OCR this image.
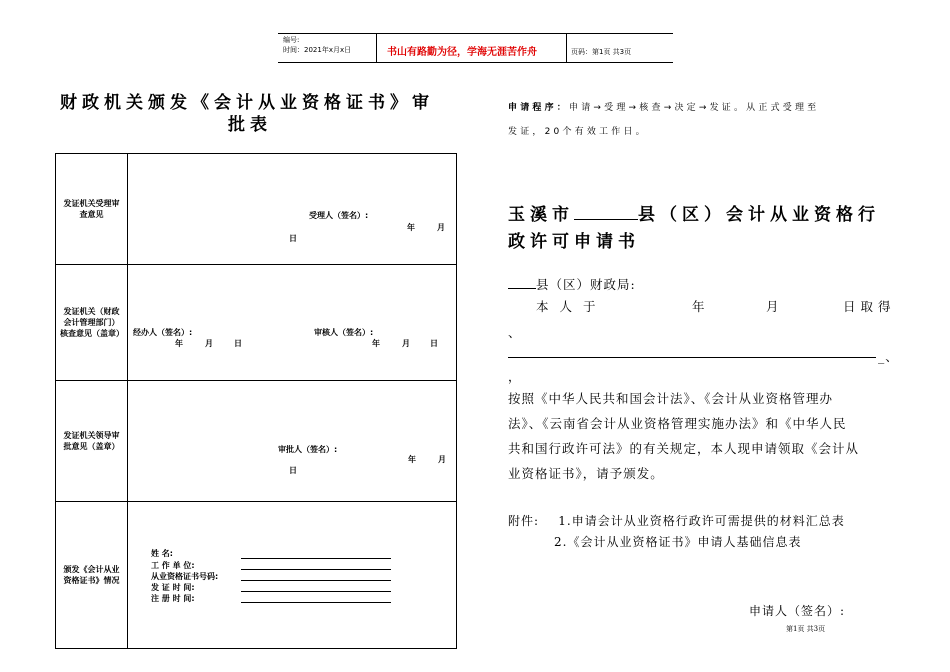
编号:
时间：2021年x月x日	书山有路勤为径，学海无涯苦作舟	页码：第1页 共3页
财政机关颁发《会计从业资格证书》审
批表
发证机关受理审查意见	受理人（签名）:
年	月
日
发证机关（财政会计管理部门）核查意见（盖章）	经办人（签名）:
年	月	日
审核人（签名）:
年	月	日
发证机关领导审批意见（盖章）	审批人（签名）:
年	月
日
颁发《会计从业资格证书》情况
姓 名:
工 作 单 位:
从业资格证书号码:
发 证 时 间:
注 册 时 间:
申请程序：申请→受理→核查→决定→发证。从正式受理至
发证，20个有效工作日。
玉溪市	县（区）会计从业资格行
政许可申请书
县（区）财政局:
本人于	年	月	日取得
、
_、
，
按照《中华人民共和国会计法》、《会计从业资格管理办
法》、《云南省会计从业资格管理实施办法》和《中华人民
共和国行政许可法》的有关规定，本人现申请领取《会计从
业资格证书》，请予颁发。
附件:    1.申请会计从业资格行政许可需提供的材料汇总表
2.《会计从业资格证书》申请人基础信息表
申请人（签名）:
第1页 共3页
